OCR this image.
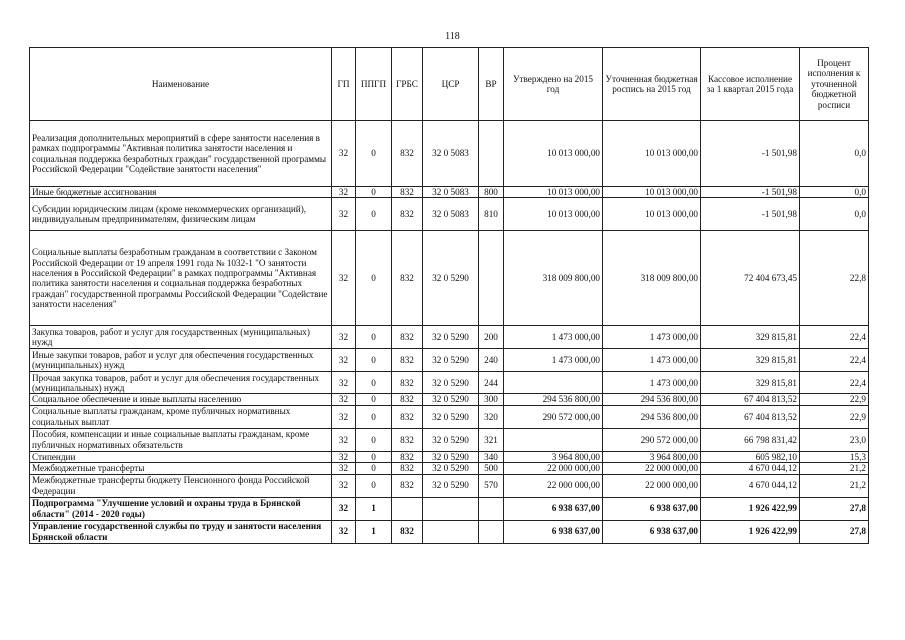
118
Наименование	ГП	ППГП	ГРБС	ЦСР	ВР	Утверждено на 2015 год	Уточненная бюджетная роспись на 2015 год	Кассовое исполнение за 1 квартал 2015 года	Процент исполнения к уточненной бюджетной росписи
Реализация дополнительных мероприятий в сфере занятости населения в рамках подпрограммы "Активная политика занятости населения и социальная поддержка безработных граждан" государственной программы Российской Федерации "Содействие занятости населения"	32	0	832	32 0 5083		10 013 000,00	10 013 000,00	-1 501,98	0,0
Иные бюджетные ассигнования	32	0	832	32 0 5083	800	10 013 000,00	10 013 000,00	-1 501,98	0,0
Субсидии юридическим лицам (кроме некоммерческих организаций), индивидуальным предпринимателям, физическим лицам	32	0	832	32 0 5083	810	10 013 000,00	10 013 000,00	-1 501,98	0,0
Социальные выплаты безработным гражданам в соответствии с Законом Российской Федерации от 19 апреля 1991 года № 1032-1 "О занятости населения в Российской Федерации" в рамках подпрограммы "Активная политика занятости населения и социальная поддержка безработных граждан" государственной программы Российской Федерации "Содействие занятости населения"	32	0	832	32 0 5290		318 009 800,00	318 009 800,00	72 404 673,45	22,8
Закупка товаров, работ и услуг для государственных (муниципальных) нужд	32	0	832	32 0 5290	200	1 473 000,00	1 473 000,00	329 815,81	22,4
Иные закупки товаров, работ и услуг для обеспечения государственных (муниципальных) нужд	32	0	832	32 0 5290	240	1 473 000,00	1 473 000,00	329 815,81	22,4
Прочая закупка товаров, работ и услуг для обеспечения государственных (муниципальных) нужд	32	0	832	32 0 5290	244		1 473 000,00	329 815,81	22,4
Социальное обеспечение и иные выплаты населению	32	0	832	32 0 5290	300	294 536 800,00	294 536 800,00	67 404 813,52	22,9
Социальные выплаты гражданам, кроме публичных нормативных социальных выплат	32	0	832	32 0 5290	320	290 572 000,00	294 536 800,00	67 404 813,52	22,9
Пособия, компенсации и иные социальные выплаты гражданам, кроме публичных нормативных обязательств	32	0	832	32 0 5290	321		290 572 000,00	66 798 831,42	23,0
Стипендии	32	0	832	32 0 5290	340	3 964 800,00	3 964 800,00	605 982,10	15,3
Межбюджетные трансферты	32	0	832	32 0 5290	500	22 000 000,00	22 000 000,00	4 670 044,12	21,2
Межбюджетные трансферты бюджету Пенсионного фонда Российской Федерации	32	0	832	32 0 5290	570	22 000 000,00	22 000 000,00	4 670 044,12	21,2
Подпрограмма "Улучшение условий и охраны труда в Брянской области" (2014 - 2020 годы)	32	1				6 938 637,00	6 938 637,00	1 926 422,99	27,8
Управление государственной службы по труду и занятости населения Брянской области	32	1	832			6 938 637,00	6 938 637,00	1 926 422,99	27,8
